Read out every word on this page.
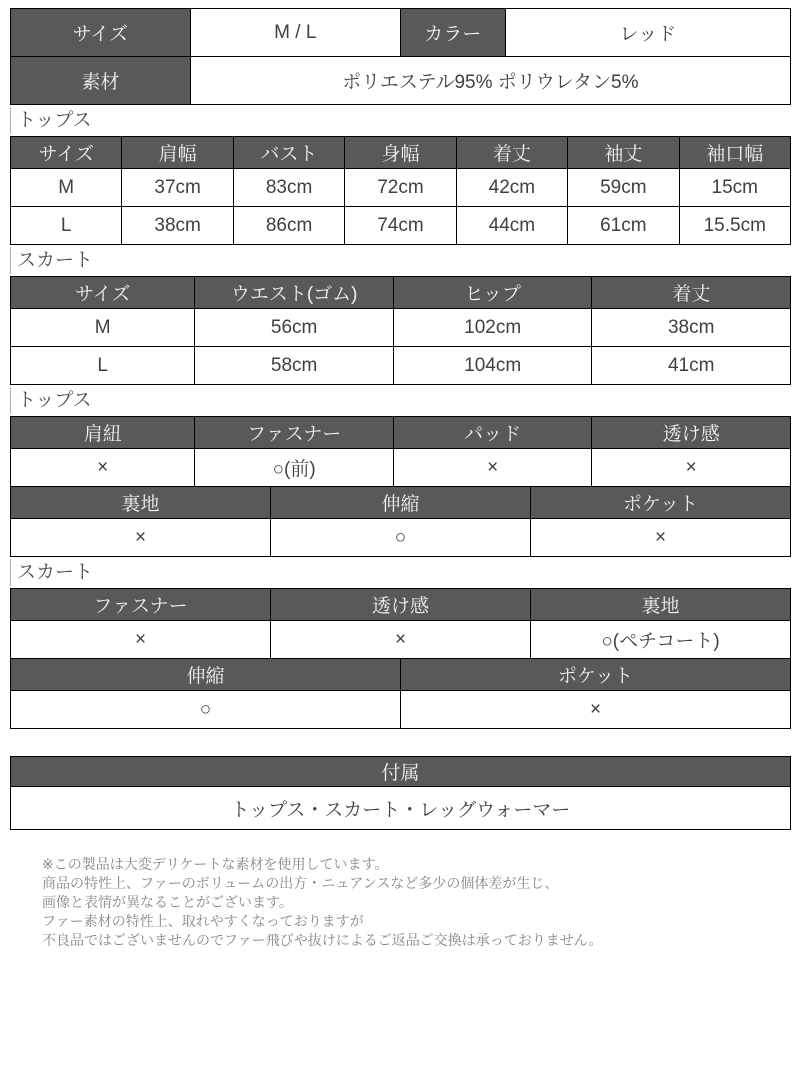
サイズ	M / L	カラー	レッド
素材	ポリエステル95% ポリウレタン5%		
トップス
サイズ	肩幅	バスト	身幅	着丈	袖丈	袖口幅
M	37cm	83cm	72cm	42cm	59cm	15cm
L	38cm	86cm	74cm	44cm	61cm	15.5cm
スカート
サイズ	ウエスト(ゴム)	ヒップ	着丈
M	56cm	102cm	38cm
L	58cm	104cm	41cm
トップス
肩紐	ファスナー	パッド	透け感
×	○(前)	×	×
裏地	伸縮	ポケット
×	○	×
スカート
ファスナー	透け感	裏地
×	×	○(ペチコート)
伸縮	ポケット
○	×
付属
トップス・スカート・レッグウォーマー
※この製品は大変デリケートな素材を使用しています。
商品の特性上、ファーのボリュームの出方・ニュアンスなど多少の個体差が生じ、
画像と表情が異なることがございます。
ファー素材の特性上、取れやすくなっておりますが
不良品ではございませんのでファー飛びや抜けによるご返品ご交換は承っておりません。
